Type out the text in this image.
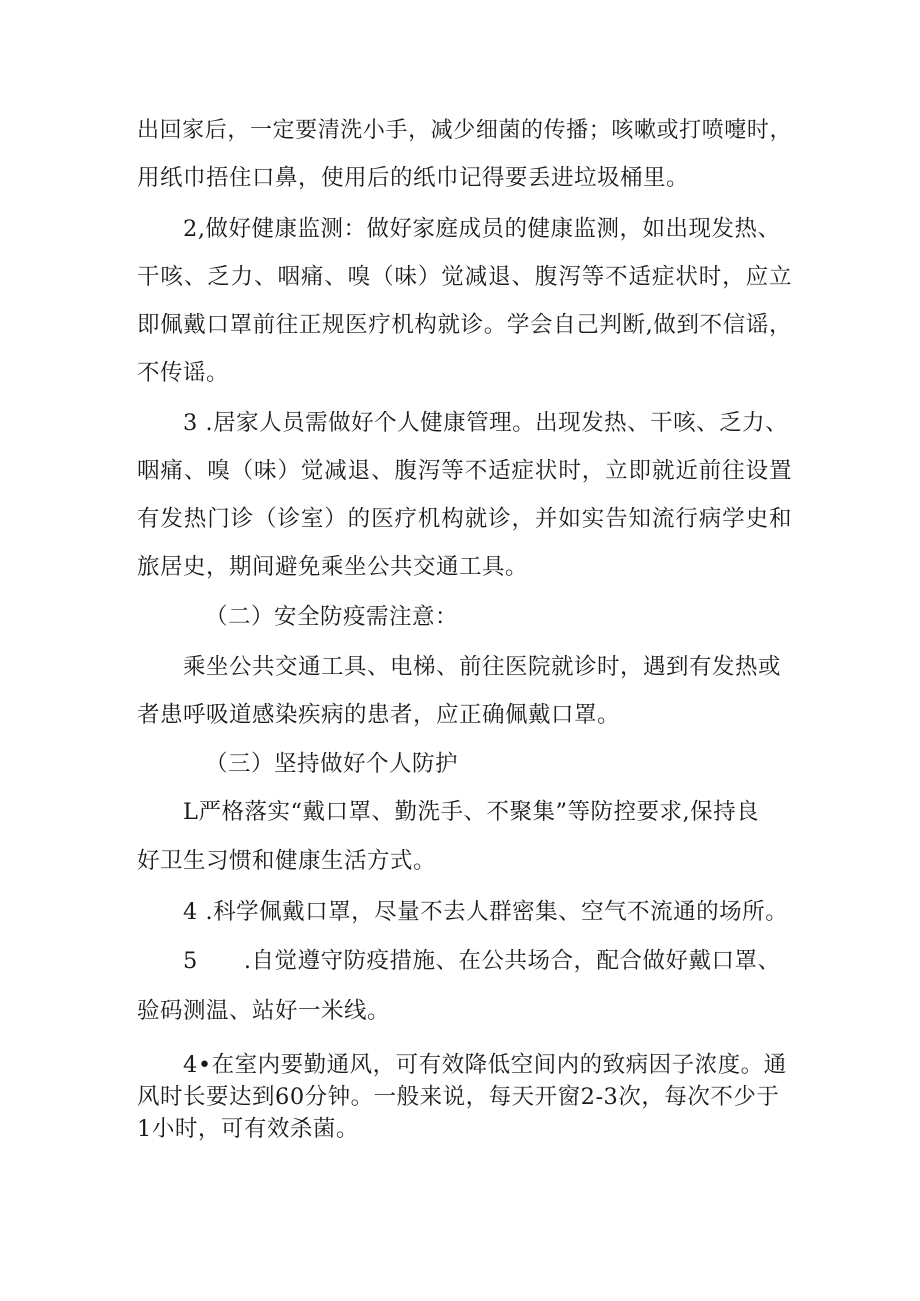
出回家后，一定要清洗小手，减少细菌的传播；咳嗽或打喷嚏时，
用纸巾捂住口鼻，使用后的纸巾记得要丢进垃圾桶里。
2,做好健康监测：做好家庭成员的健康监测，如出现发热、
干咳、乏力、咽痛、嗅（味）觉减退、腹泻等不适症状时，应立
即佩戴口罩前往正规医疗机构就诊。学会自己判断,做到不信谣，
不传谣。
3 .居家人员需做好个人健康管理。出现发热、干咳、乏力、
咽痛、嗅（味）觉减退、腹泻等不适症状时，立即就近前往设置
有发热门诊（诊室）的医疗机构就诊，并如实告知流行病学史和
旅居史，期间避免乘坐公共交通工具。
（二）安全防疫需注意：
乘坐公共交通工具、电梯、前往医院就诊时，遇到有发热或
者患呼吸道感染疾病的患者，应正确佩戴口罩。
（三）坚持做好个人防护
L严格落实“戴口罩、勤洗手、不聚集”等防控要求,保持良
好卫生习惯和健康生活方式。
4 .科学佩戴口罩，尽量不去人群密集、空气不流通的场所。
5　　.自觉遵守防疫措施、在公共场合，配合做好戴口罩、
验码测温、站好一米线。
4•在室内要勤通风，可有效降低空间内的致病因子浓度。通
风时长要达到60分钟。一般来说，每天开窗2-3次，每次不少于
1小时，可有效杀菌。
